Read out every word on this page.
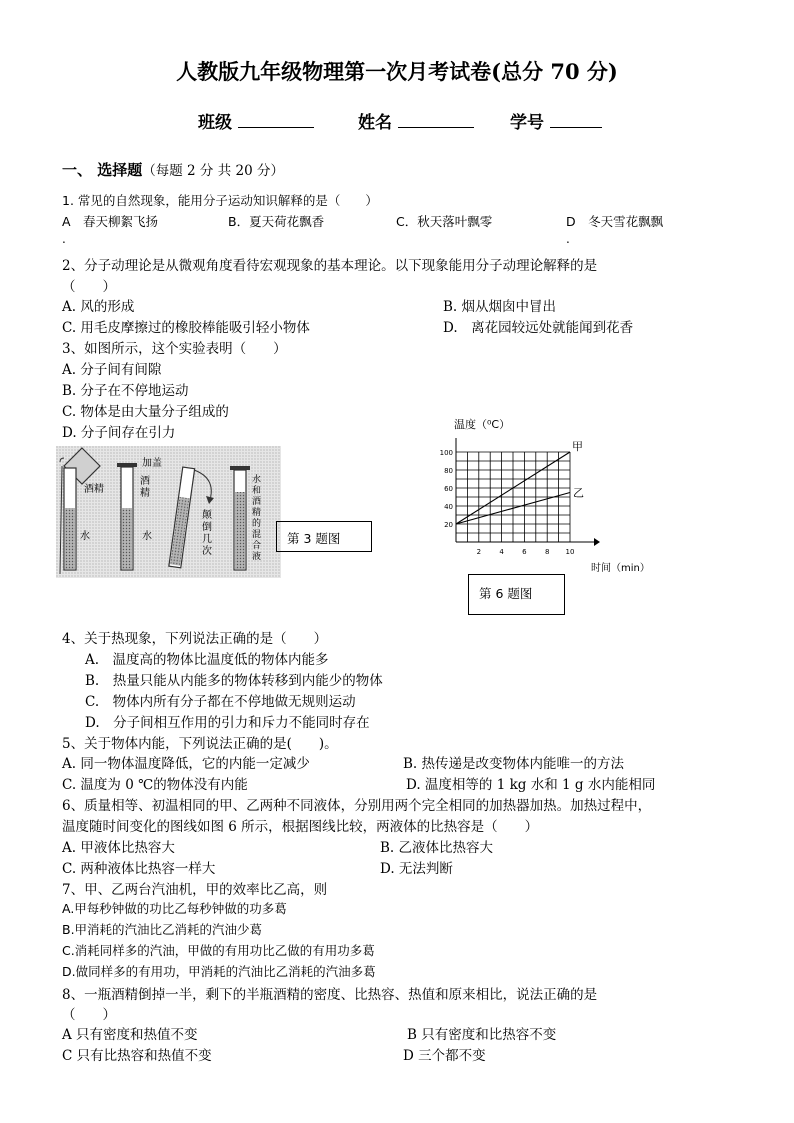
人教版九年级物理第一次月考试卷(总分 70 分)
班级	姓名	学号
一、 选择题（每题 2 分 共 20 分）
1. 常见的自然现象，能用分子运动知识解释的是（　　）
A　春天柳絮飞扬	B．夏天荷花飘香	C．秋天落叶飘零	D　冬天雪花飘飘
.	.
2、分子动理论是从微观角度看待宏观现象的基本理论。以下现象能用分子动理论解释的是
（　　）
A. 风的形成	B. 烟从烟囱中冒出
C. 用毛皮摩擦过的橡胶棒能吸引轻小物体	D.　离花园较远处就能闻到花香
3、如图所示，这个实验表明（　　）
A. 分子间有间隙
B. 分子在不停地运动
C. 物体是由大量分子组成的
D. 分子间存在引力
酒精
水
加盖
酒
精
水
颠
倒
几
次
水
和
酒
精
的
混
合
液
第 3 题图
2	4	6	8 10
20
40
60
80
100
温度（⁰C）
时间（min）
甲
乙
第 6 题图
4、关于热现象，下列说法正确的是（　　）
A.　温度高的物体比温度低的物体内能多
B.　热量只能从内能多的物体转移到内能少的物体
C.　物体内所有分子都在不停地做无规则运动
D.　分子间相互作用的引力和斥力不能同时存在
5、关于物体内能，下列说法正确的是(　　)。
A. 同一物体温度降低，它的内能一定减少	B. 热传递是改变物体内能唯一的方法
C. 温度为 0 ℃的物体没有内能	D. 温度相等的 1 kg 水和 1 g 水内能相同
6、质量相等、初温相同的甲、乙两种不同液体，分别用两个完全相同的加热器加热。加热过程中，
温度随时间变化的图线如图 6 所示，根据图线比较，两液体的比热容是（　　）
A. 甲液体比热容大	B. 乙液体比热容大
C. 两种液体比热容一样大	D. 无法判断
7、甲、乙两台汽油机，甲的效率比乙高，则
A.甲每秒钟做的功比乙每秒钟做的功多葛
B.甲消耗的汽油比乙消耗的汽油少葛
C.消耗同样多的汽油，甲做的有用功比乙做的有用功多葛
D.做同样多的有用功，甲消耗的汽油比乙消耗的汽油多葛
8、一瓶酒精倒掉一半，剩下的半瓶酒精的密度、比热容、热值和原来相比，说法正确的是
（　　）
A 只有密度和热值不变	B 只有密度和比热容不变
C 只有比热容和热值不变	D 三个都不变
